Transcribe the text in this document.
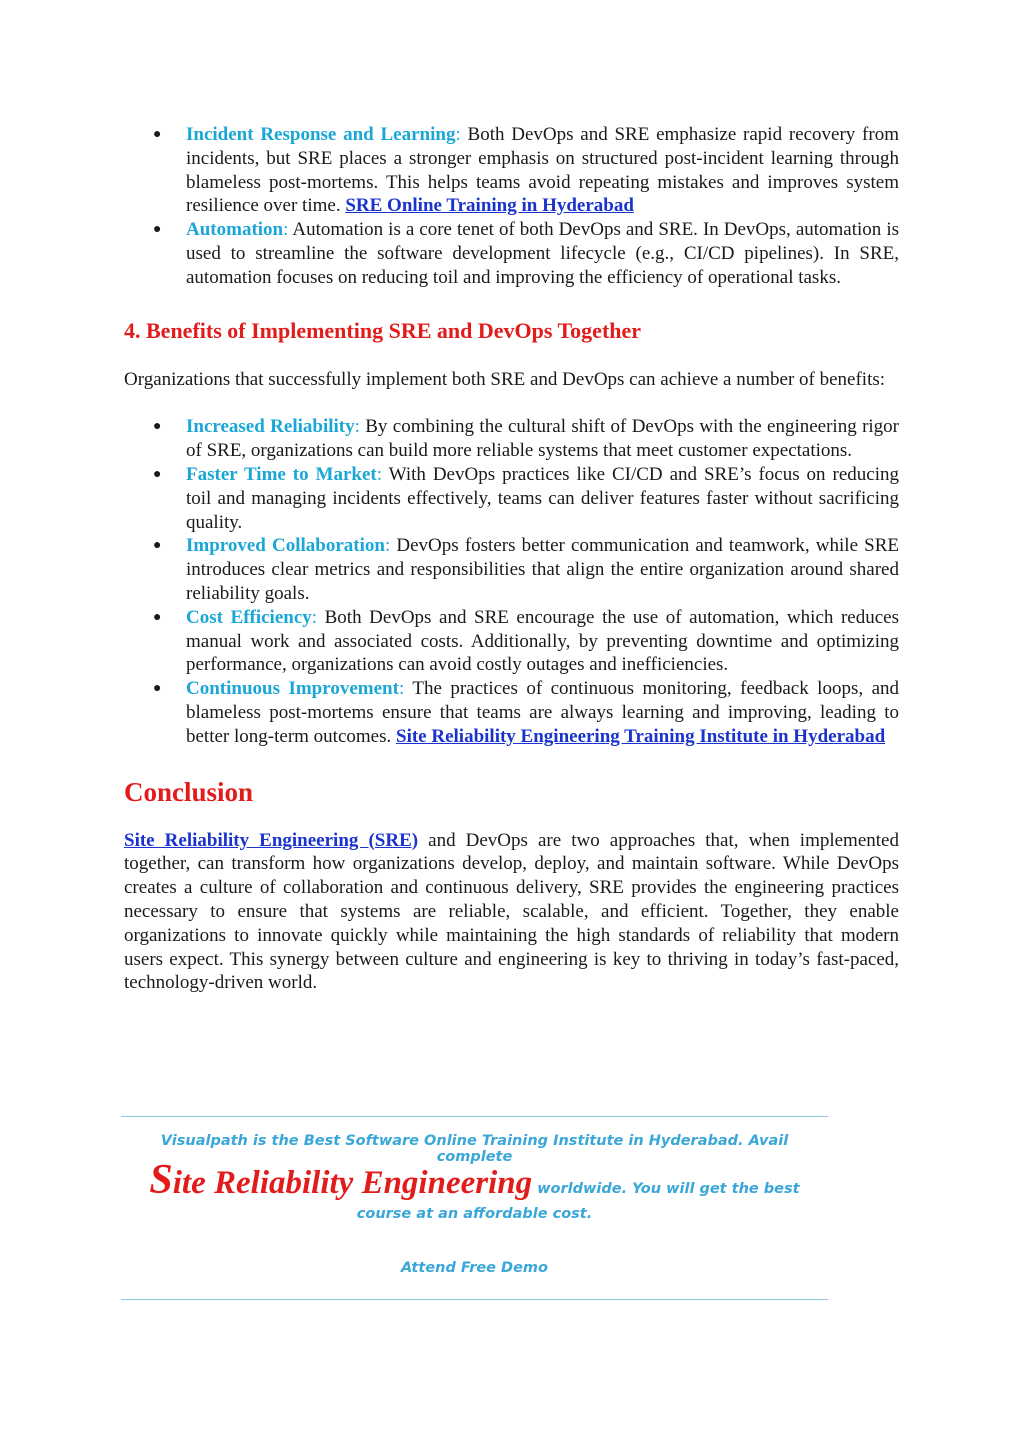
● Incident Response and Learning: Both DevOps and SRE emphasize rapid recovery from incidents, but SRE places a stronger emphasis on structured post-incident learning through blameless post-mortems. This helps teams avoid repeating mistakes and improves system resilience over time. SRE Online Training in Hyderabad
● Automation: Automation is a core tenet of both DevOps and SRE. In DevOps, automation is used to streamline the software development lifecycle (e.g., CI/CD pipelines). In SRE, automation focuses on reducing toil and improving the efficiency of operational tasks.
4. Benefits of Implementing SRE and DevOps Together

Organizations that successfully implement both SRE and DevOps can achieve a number of benefits:

● Increased Reliability: By combining the cultural shift of DevOps with the engineering rigor of SRE, organizations can build more reliable systems that meet customer expectations.
● Faster Time to Market: With DevOps practices like CI/CD and SRE’s focus on reducing toil and managing incidents effectively, teams can deliver features faster without sacrificing quality.
● Improved Collaboration: DevOps fosters better communication and teamwork, while SRE introduces clear metrics and responsibilities that align the entire organization around shared reliability goals.
● Cost Efficiency: Both DevOps and SRE encourage the use of automation, which reduces manual work and associated costs. Additionally, by preventing downtime and optimizing performance, organizations can avoid costly outages and inefficiencies.
● Continuous Improvement: The practices of continuous monitoring, feedback loops, and blameless post-mortems ensure that teams are always learning and improving, leading to better long-term outcomes. Site Reliability Engineering Training Institute in Hyderabad
Conclusion

Site Reliability Engineering (SRE) and DevOps are two approaches that, when implemented together, can transform how organizations develop, deploy, and maintain software. While DevOps creates a culture of collaboration and continuous delivery, SRE provides the engineering practices necessary to ensure that systems are reliable, scalable, and efficient. Together, they enable organizations to innovate quickly while maintaining the high standards of reliability that modern users expect. This synergy between culture and engineering is key to thriving in today’s fast-paced, technology-driven world.

Visualpath is the Best Software Online Training Institute in Hyderabad. Avail complete
Site Reliability Engineering worldwide. You will get the best
course at an affordable cost.
Attend Free Demo
